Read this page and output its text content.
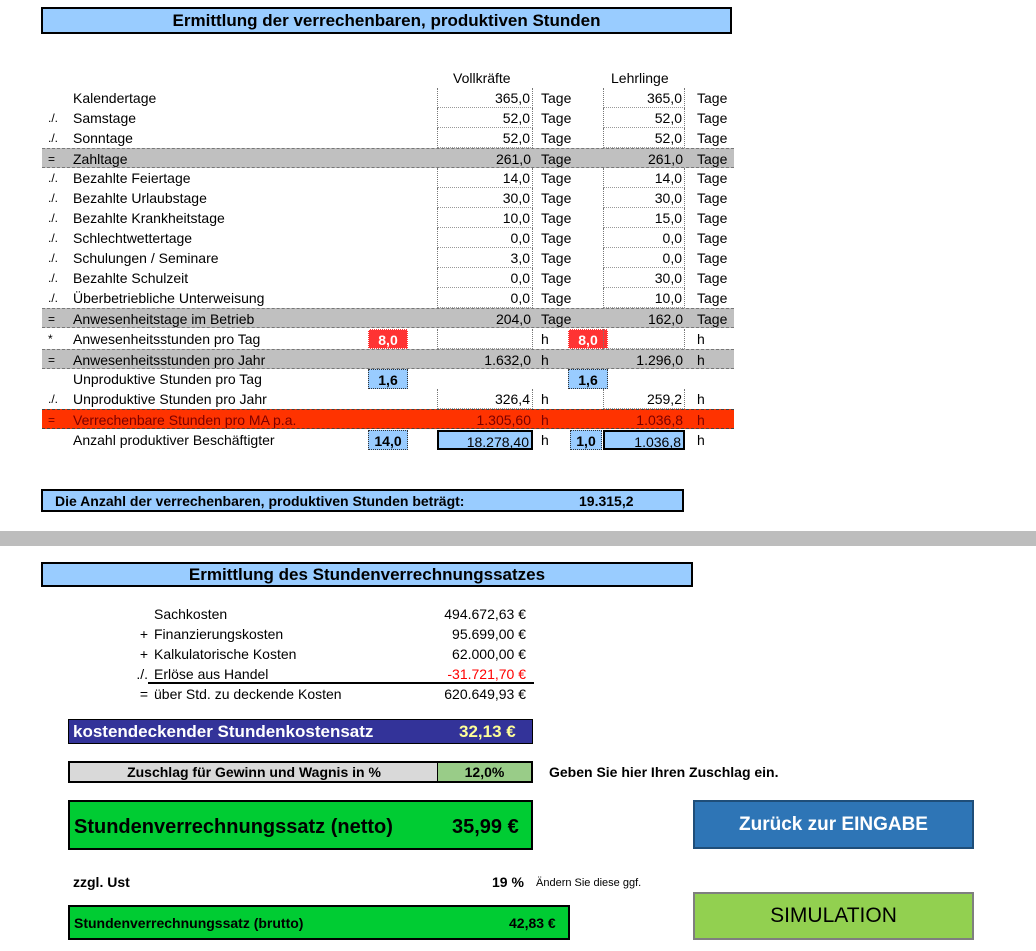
Ermittlung der verrechenbaren, produktiven Stunden
Vollkräfte	Lehrlinge
Kalendertage	365,0 Tage	365,0 Tage
./.	Samstage	52,0 Tage	52,0 Tage
./.	Sonntage	52,0 Tage	52,0 Tage
=	Zahltage	261,0 Tage	261,0 Tage
./.	Bezahlte Feiertage	14,0 Tage	14,0 Tage
./.	Bezahlte Urlaubstage	30,0 Tage	30,0 Tage
./.	Bezahlte Krankheitstage	10,0 Tage	15,0 Tage
./.	Schlechtwettertage	0,0 Tage	0,0 Tage
./.	Schulungen / Seminare	3,0 Tage	0,0 Tage
./.	Bezahlte Schulzeit	0,0 Tage	30,0 Tage
./.	Überbetriebliche Unterweisung	0,0 Tage	10,0 Tage
=	Anwesenheitstage im Betrieb	204,0 Tage	162,0 Tage
*	Anwesenheitsstunden pro Tag	8,0	h	8,0	h
=	Anwesenheitsstunden pro Jahr	1.632,0 h	1.296,0 h
Unproduktive Stunden pro Tag	1,6	1,6
./.	Unproduktive Stunden pro Jahr	326,4 h	259,2 h
=	Verrechenbare Stunden pro MA p.a.	1.305,60 h	1.036,8 h
Anzahl produktiver Beschäftigter	14,0	18.278,40 h	1,0	1.036,8 h
Die Anzahl der verrechenbaren, produktiven Stunden beträgt:	19.315,2
Ermittlung des Stundenverrechnungssatzes
Sachkosten	494.672,63 €
+ Finanzierungskosten	95.699,00 €
+ Kalkulatorische Kosten	62.000,00 €
./. Erlöse aus Handel	-31.721,70 €
= über Std. zu deckende Kosten	620.649,93 €
kostendeckender Stundenkostensatz	32,13 €
Zuschlag für Gewinn und Wagnis in %	12,0%	Geben Sie hier Ihren Zuschlag ein.
Stundenverrechnungssatz (netto)	35,99 €
zzgl. Ust	19 % Ändern Sie diese ggf.
Stundenverrechnungssatz (brutto)	42,83 €
Zurück zur EINGABE
SIMULATION
